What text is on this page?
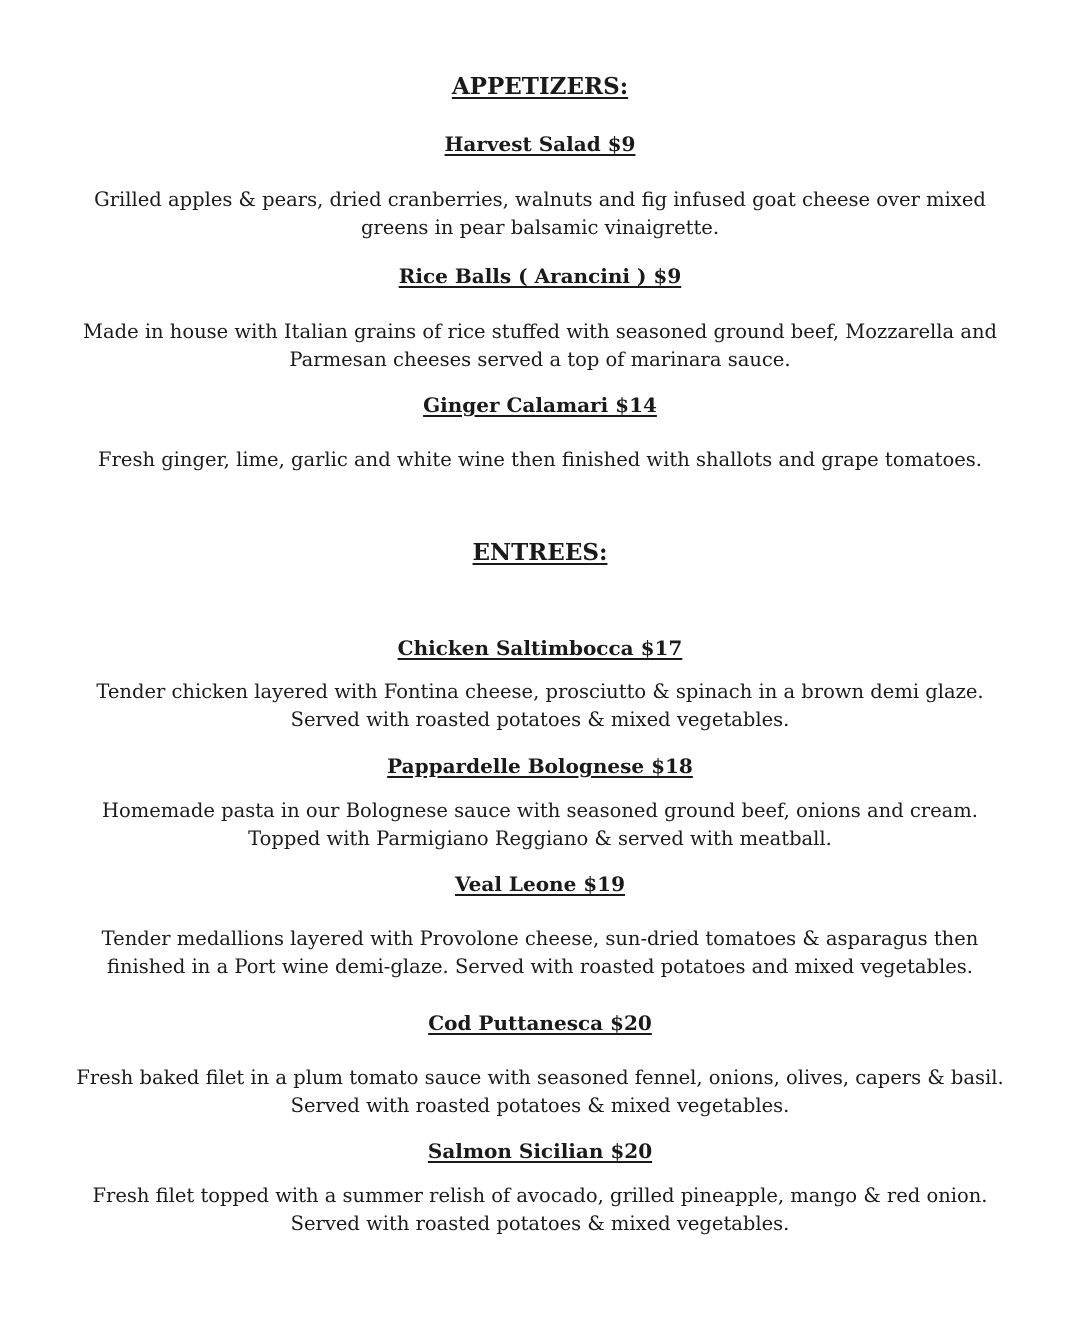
APPETIZERS:
Harvest Salad $9
Grilled apples & pears, dried cranberries, walnuts and fig infused goat cheese over mixed
greens in pear balsamic vinaigrette.
Rice Balls ( Arancini ) $9
Made in house with Italian grains of rice stuffed with seasoned ground beef, Mozzarella and
Parmesan cheeses served a top of marinara sauce.
Ginger Calamari $14
Fresh ginger, lime, garlic and white wine then finished with shallots and grape tomatoes.
ENTREES:
Chicken Saltimbocca $17
Tender chicken layered with Fontina cheese, prosciutto & spinach in a brown demi glaze.
Served with roasted potatoes & mixed vegetables.
Pappardelle Bolognese $18
Homemade pasta in our Bolognese sauce with seasoned ground beef, onions and cream.
Topped with Parmigiano Reggiano & served with meatball.
Veal Leone $19
Tender medallions layered with Provolone cheese, sun-dried tomatoes & asparagus then
finished in a Port wine demi-glaze. Served with roasted potatoes and mixed vegetables.
Cod Puttanesca $20
Fresh baked filet in a plum tomato sauce with seasoned fennel, onions, olives, capers & basil.
Served with roasted potatoes & mixed vegetables.
Salmon Sicilian $20
Fresh filet topped with a summer relish of avocado, grilled pineapple, mango & red onion.
Served with roasted potatoes & mixed vegetables.
